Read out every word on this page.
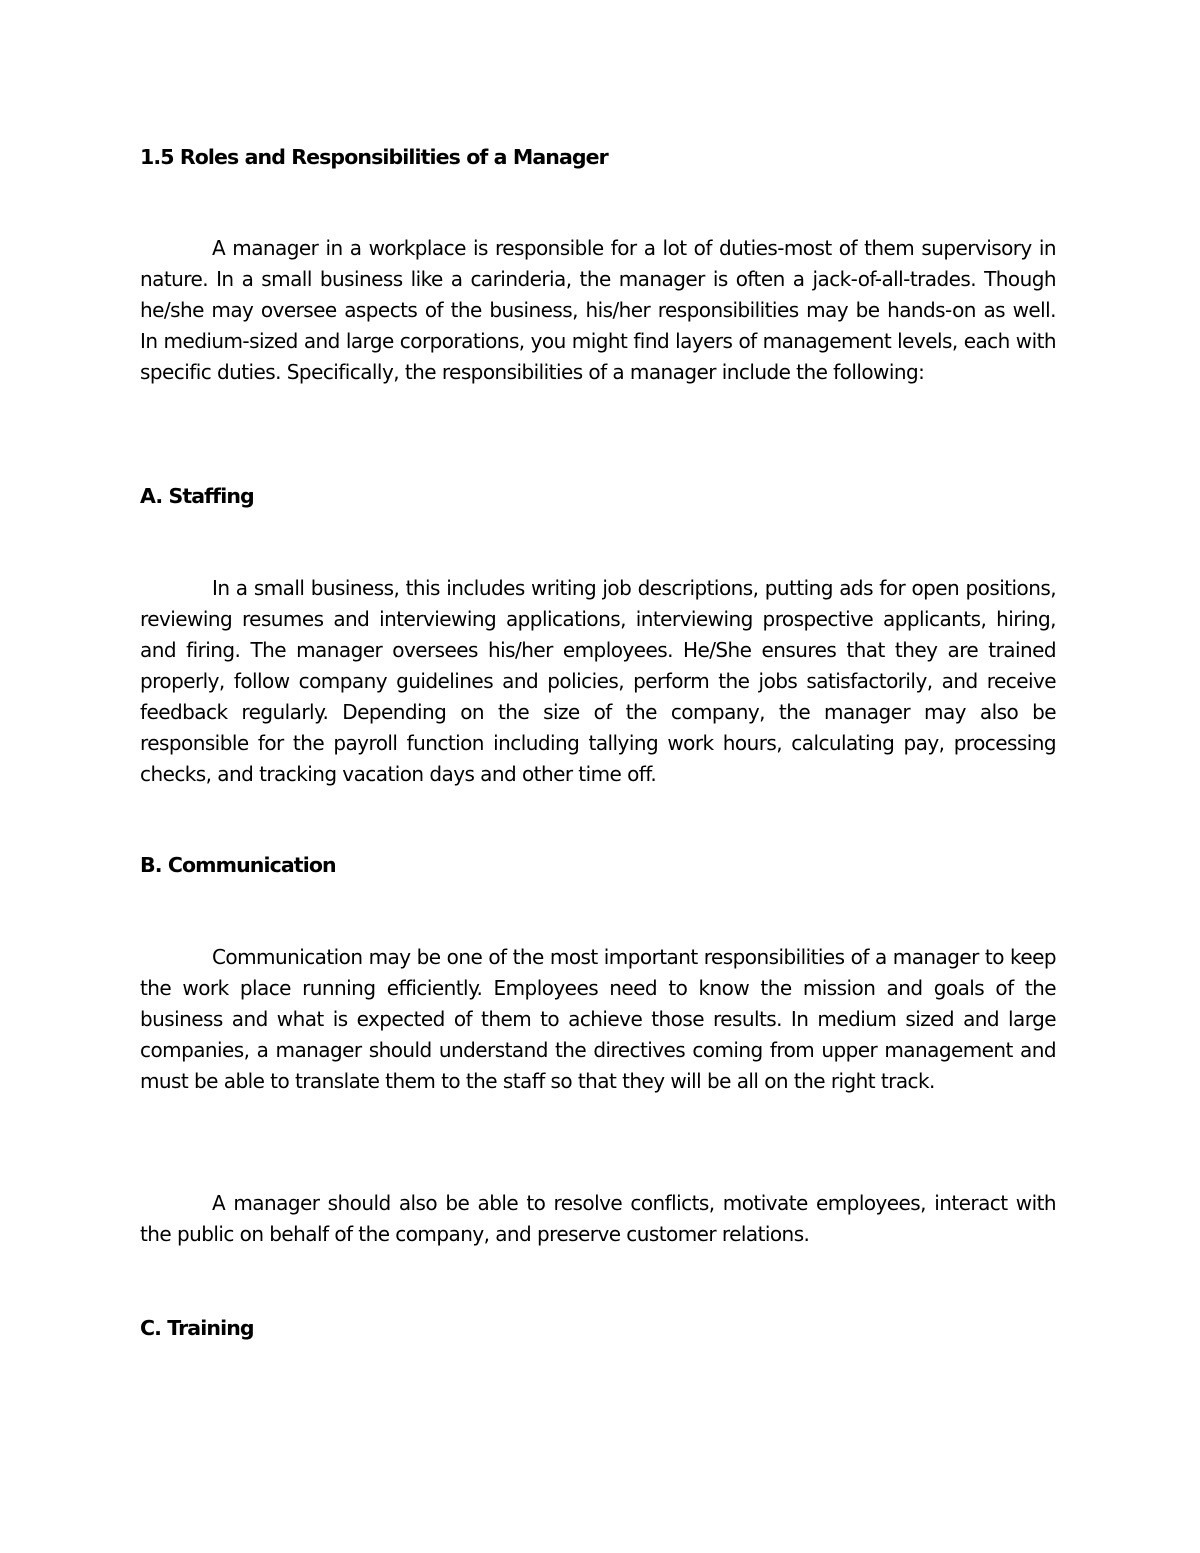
1.5 Roles and Responsibilities of a Manager

A manager in a workplace is responsible for a lot of duties-most of them supervisory in nature. In a small business like a carinderia, the manager is often a jack-of-all-trades. Though he/she may oversee aspects of the business, his/her responsibilities may be hands-on as well. In medium-sized and large corporations, you might find layers of management levels, each with specific duties. Specifically, the responsibilities of a manager include the following:

A. Staffing

In a small business, this includes writing job descriptions, putting ads for open positions, reviewing resumes and interviewing applications, interviewing prospective applicants, hiring, and firing. The manager oversees his/her employees. He/She ensures that they are trained properly, follow company guidelines and policies, perform the jobs satisfactorily, and receive feedback regularly. Depending on the size of the company, the manager may also be responsible for the payroll function including tallying work hours, calculating pay, processing checks, and tracking vacation days and other time off.

B. Communication

Communication may be one of the most important responsibilities of a manager to keep the work place running efficiently. Employees need to know the mission and goals of the business and what is expected of them to achieve those results. In medium sized and large companies, a manager should understand the directives coming from upper management and must be able to translate them to the staff so that they will be all on the right track.

A manager should also be able to resolve conflicts, motivate employees, interact with the public on behalf of the company, and preserve customer relations.

C. Training
